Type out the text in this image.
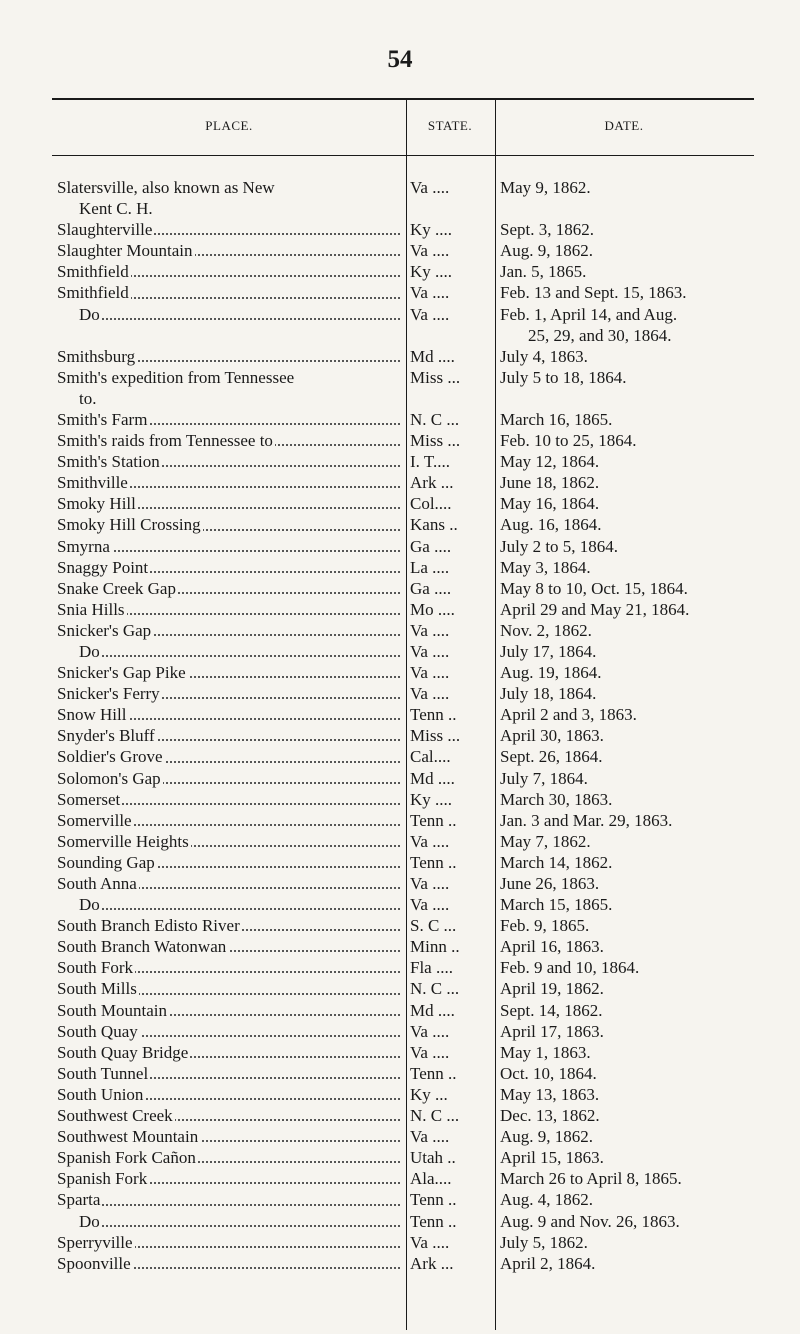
54
PLACE.	STATE.	DATE.
Slatersville, also known as New
Kent C. H.
Va ....	May 9, 1862.
Slaughterville	Ky ....	Sept. 3, 1862.
Slaughter Mountain	Va ....	Aug. 9, 1862.
Smithfield	Ky ....	Jan. 5, 1865.
Smithfield	Va ....	Feb. 13 and Sept. 15, 1863.
Do	Va ....	Feb. 1, April 14, and Aug.
25, 29, and 30, 1864.
Smithsburg	Md ....	July 4, 1863.
Smith's expedition from Tennessee
to.
Miss ...	July 5 to 18, 1864.
Smith's Farm	N. C ...	March 16, 1865.
Smith's raids from Tennessee to	Miss ...	Feb. 10 to 25, 1864.
Smith's Station	I. T....	May 12, 1864.
Smithville	Ark ...	June 18, 1862.
Smoky Hill	Col....	May 16, 1864.
Smoky Hill Crossing	Kans ..	Aug. 16, 1864.
Smyrna	Ga ....	July 2 to 5, 1864.
Snaggy Point	La ....	May 3, 1864.
Snake Creek Gap	Ga ....	May 8 to 10, Oct. 15, 1864.
Snia Hills	Mo ....	April 29 and May 21, 1864.
Snicker's Gap	Va ....	Nov. 2, 1862.
Do	Va ....	July 17, 1864.
Snicker's Gap Pike	Va ....	Aug. 19, 1864.
Snicker's Ferry	Va ....	July 18, 1864.
Snow Hill	Tenn ..	April 2 and 3, 1863.
Snyder's Bluff	Miss ...	April 30, 1863.
Soldier's Grove	Cal....	Sept. 26, 1864.
Solomon's Gap	Md ....	July 7, 1864.
Somerset	Ky ....	March 30, 1863.
Somerville	Tenn ..	Jan. 3 and Mar. 29, 1863.
Somerville Heights	Va ....	May 7, 1862.
Sounding Gap	Tenn ..	March 14, 1862.
South Anna	Va ....	June 26, 1863.
Do	Va ....	March 15, 1865.
South Branch Edisto River	S. C ...	Feb. 9, 1865.
South Branch Watonwan	Minn ..	April 16, 1863.
South Fork	Fla ....	Feb. 9 and 10, 1864.
South Mills	N. C ...	April 19, 1862.
South Mountain	Md ....	Sept. 14, 1862.
South Quay	Va ....	April 17, 1863.
South Quay Bridge	Va ....	May 1, 1863.
South Tunnel	Tenn ..	Oct. 10, 1864.
South Union	Ky ...	May 13, 1863.
Southwest Creek	N. C ...	Dec. 13, 1862.
Southwest Mountain	Va ....	Aug. 9, 1862.
Spanish Fork Cañon	Utah ..	April 15, 1863.
Spanish Fork	Ala....	March 26 to April 8, 1865.
Sparta	Tenn ..	Aug. 4, 1862.
Do	Tenn ..	Aug. 9 and Nov. 26, 1863.
Sperryville	Va ....	July 5, 1862.
Spoonville	Ark ...	April 2, 1864.
